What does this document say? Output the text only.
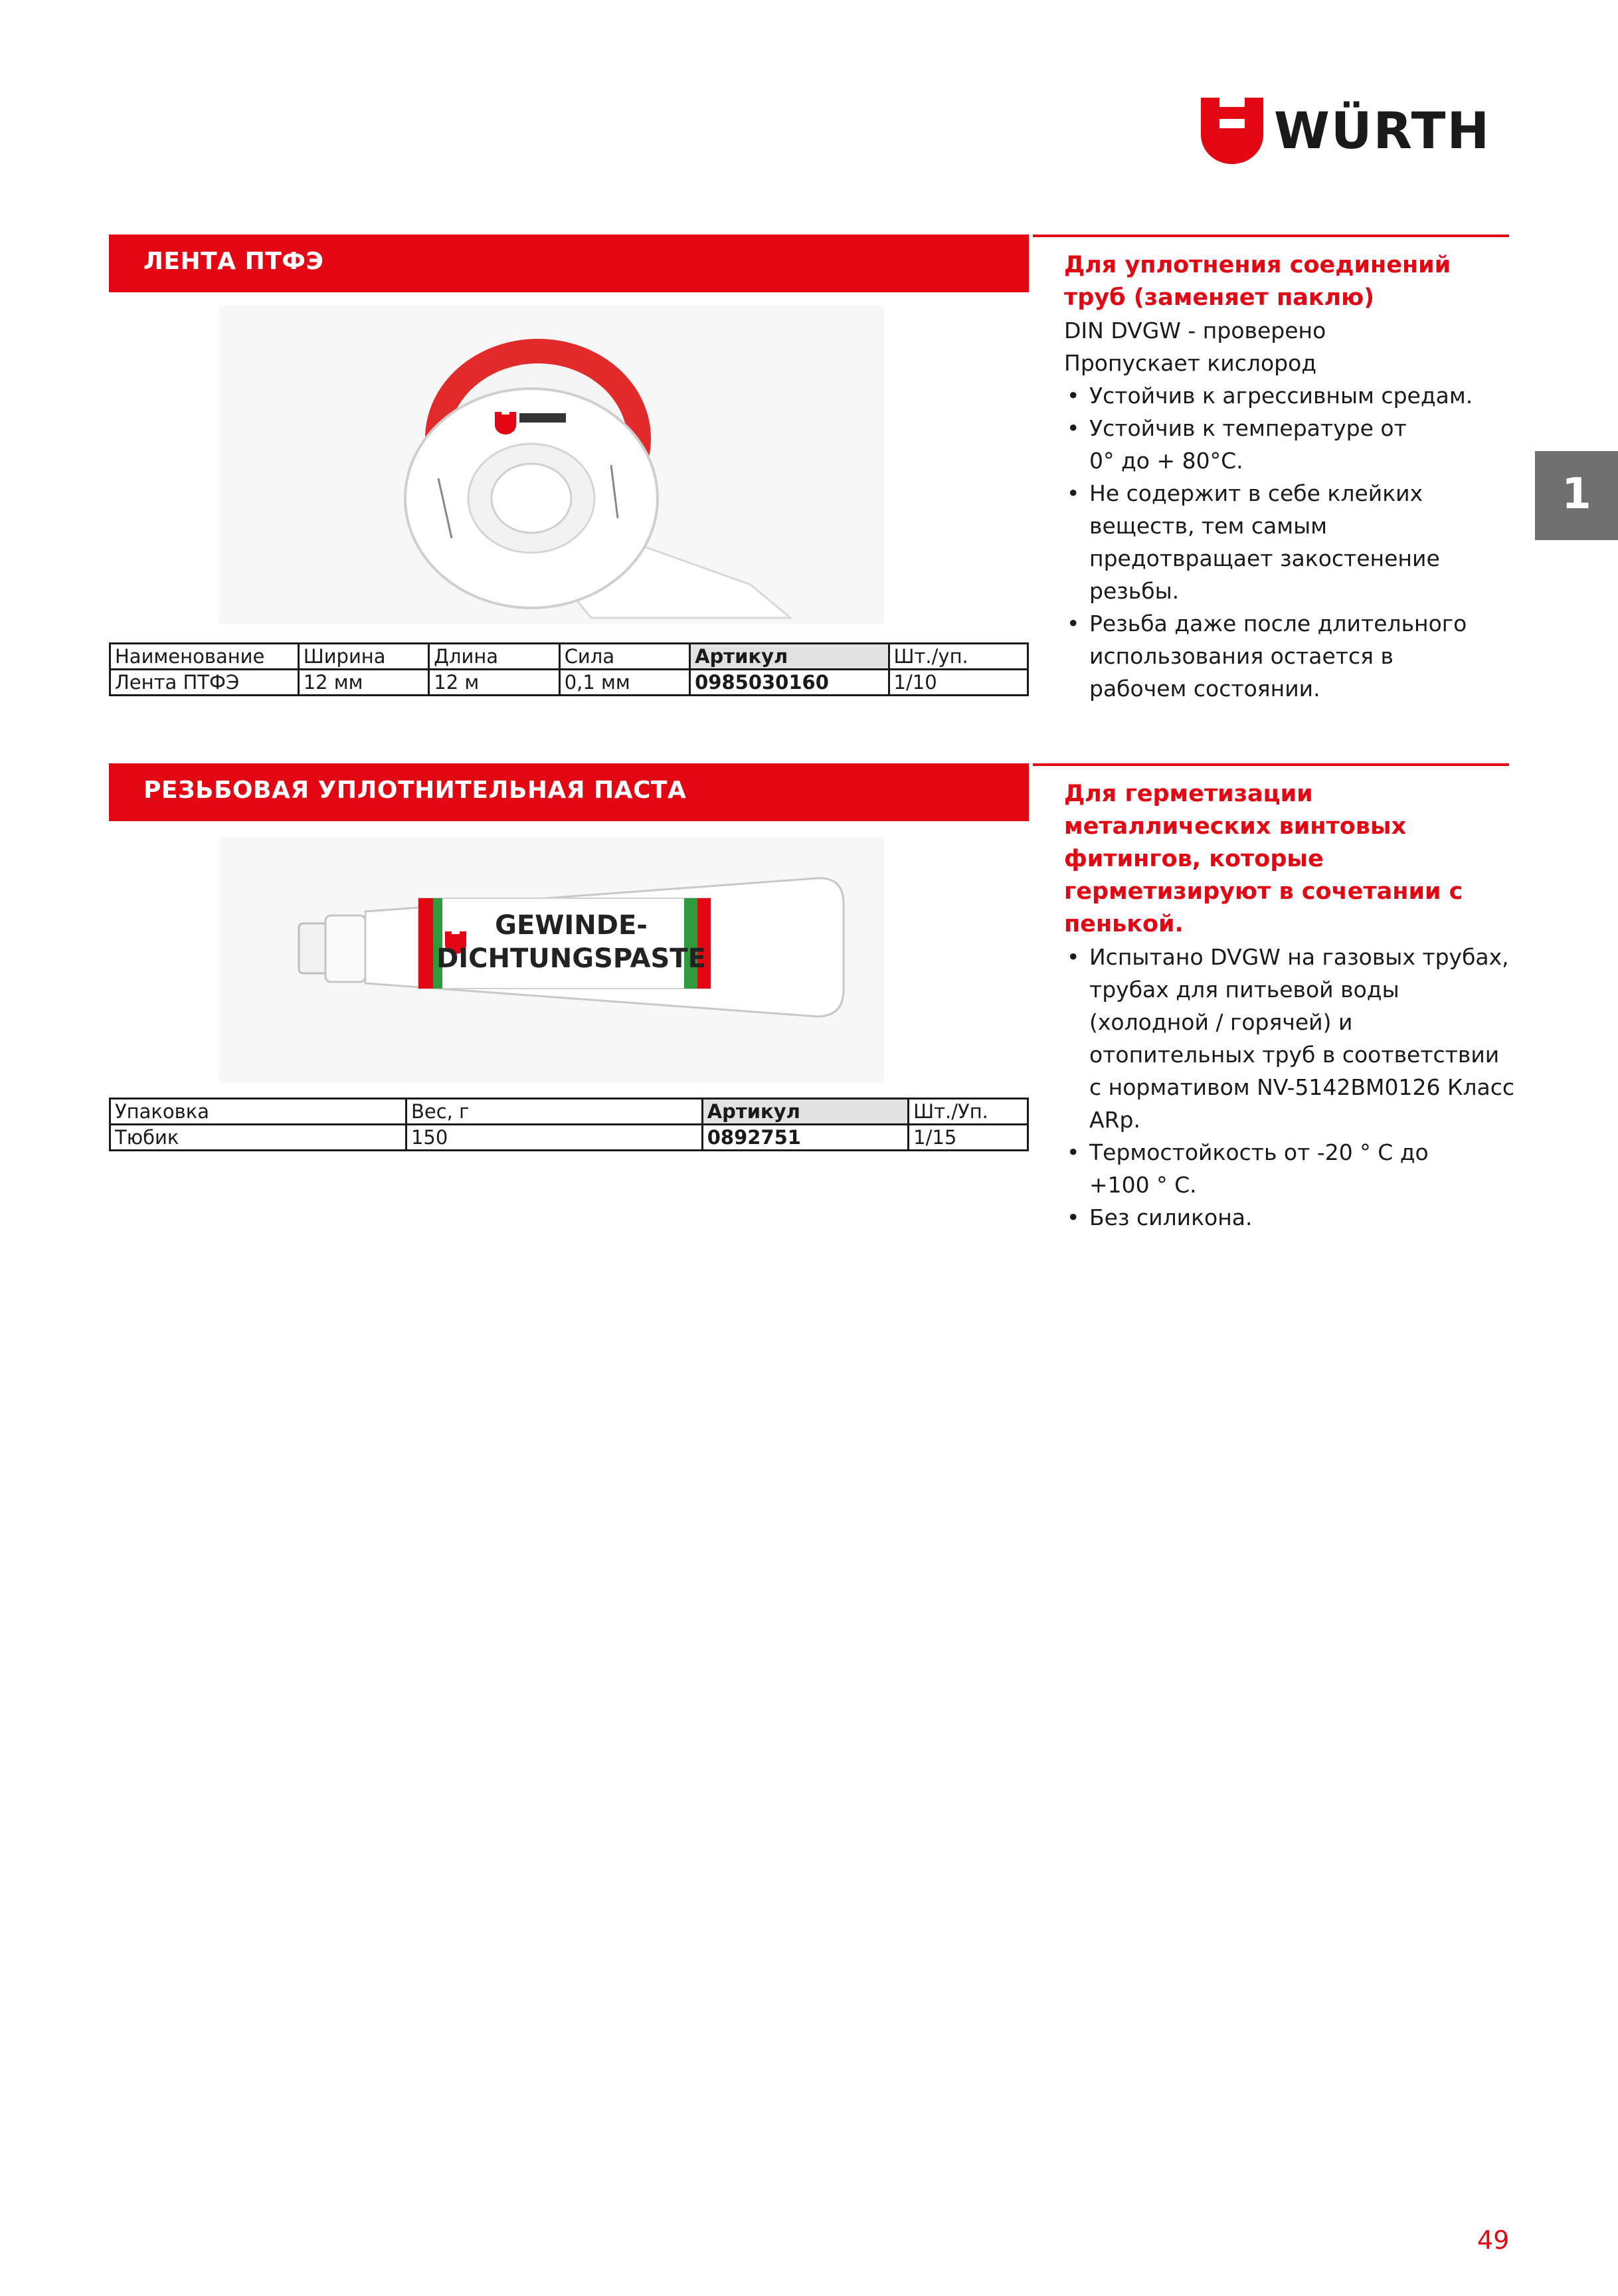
WÜRTH
1
ЛЕНТА ПТФЭ
Наименование	Ширина	Длина	Сила	Артикул	Шт./уп.
Лента ПТФЭ	12 мм	12 м	0,1 мм	0985030160	1/10
Для уплотнения соединений труб (заменяет паклю)
DIN DVGW - проверено
Пропускает кислород
• Устойчив к агрессивным средам.
• Устойчив к температуре от 0° до + 80°C.
• Не содержит в себе клейких веществ, тем самым предотвращает закостенение резьбы.
• Резьба даже после длительного использования остается в рабочем состоянии.
РЕЗЬБОВАЯ УПЛОТНИТЕЛЬНАЯ ПАСТА
GEWINDE-
DICHTUNGSPASTE
Упаковка	Вес, г	Артикул	Шт./Уп.
Тюбик	150	0892751	1/15
Для герметизации металлических винтовых фитингов, которые герметизируют в сочетании с пенькой.
• Испытано DVGW на газовых трубах, трубах для питьевой воды (холодной / горячей) и отопительных труб в соответствии с нормативом NV-5142BM0126 Класс ARp.
• Термостойкость от -20 ° C до +100 ° C.
• Без силикона.
49
